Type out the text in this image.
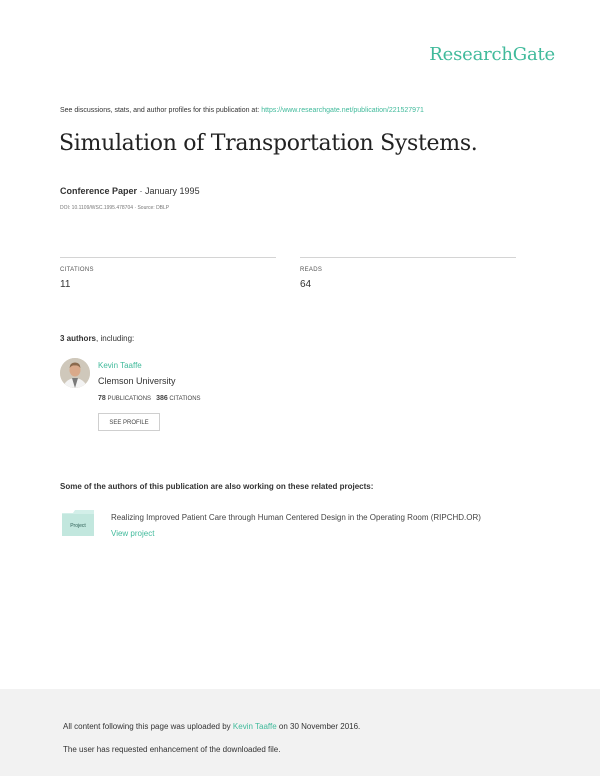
ResearchGate
See discussions, stats, and author profiles for this publication at: https://www.researchgate.net/publication/221527971
Simulation of Transportation Systems.
Conference Paper · January 1995
DOI: 10.1109/WSC.1995.478704 · Source: DBLP
CITATIONS
11
READS
64
3 authors, including:
Kevin Taaffe
Clemson University
78 PUBLICATIONS 386 CITATIONS
SEE PROFILE
Some of the authors of this publication are also working on these related projects:
Project
Realizing Improved Patient Care through Human Centered Design in the Operating Room (RIPCHD.OR)
View project
All content following this page was uploaded by Kevin Taaffe on 30 November 2016.
The user has requested enhancement of the downloaded file.
